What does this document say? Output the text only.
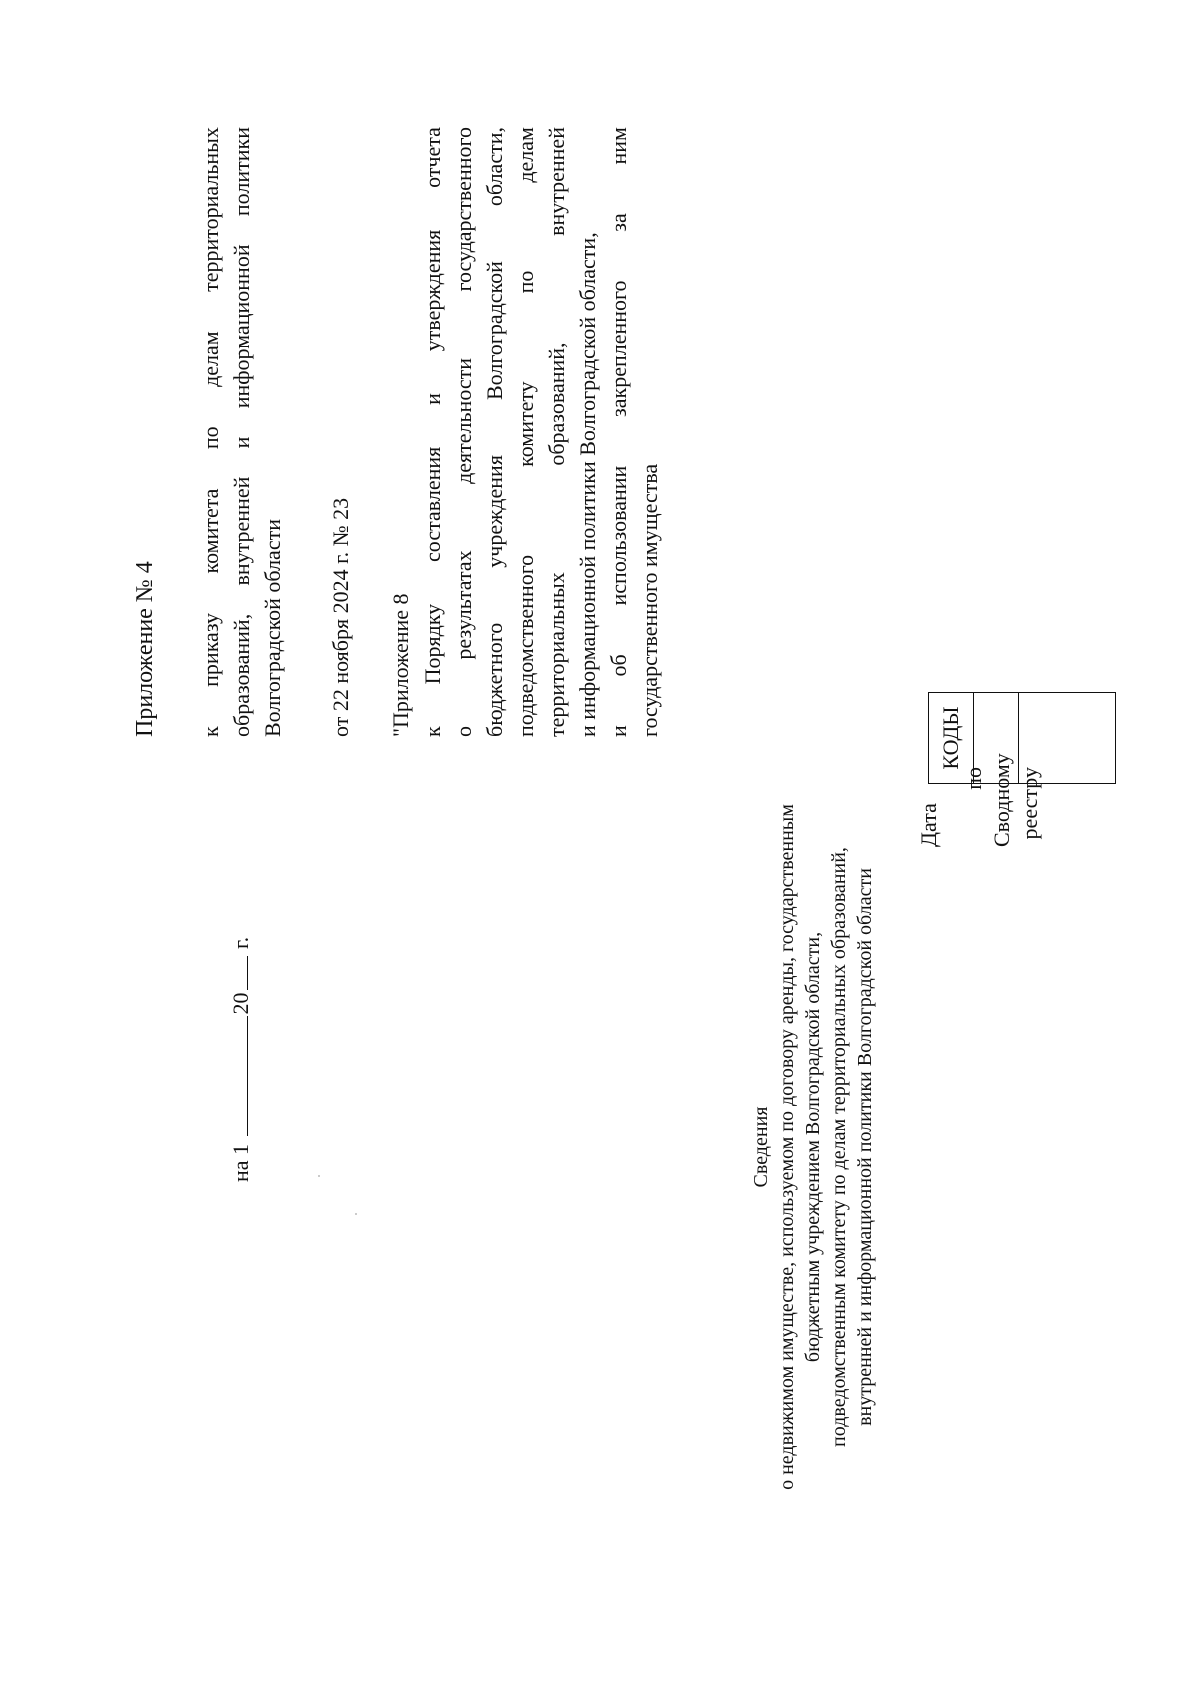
Приложение № 4 к
приказу
комитета
по
делам
территориальных
образований,
внутренней
и
информационной
политики
Волгоградской области от 22 ноября 2024 г. № 23 "Приложение 8 к
Порядку
составления
и
утверждения
отчета
о
результатах
деятельности
государственного
бюджетного
учреждения
Волгоградской
области,
подведомственного
комитету
по
делам
территориальных
образований,
внутренней
и информационной политики Волгоградской области, и
об
использовании
закрепленного
за
ним
государственного имущества
Сведения о недвижимом имуществе, используемом по договору аренды, государственным бюджетным учреждением Волгоградской области, подведомственным комитету по делам территориальных образований, внутренней и информационной политики Волгоградской области
на 1 20 г.
Дата
по Сводному реестру
КОДЫ
